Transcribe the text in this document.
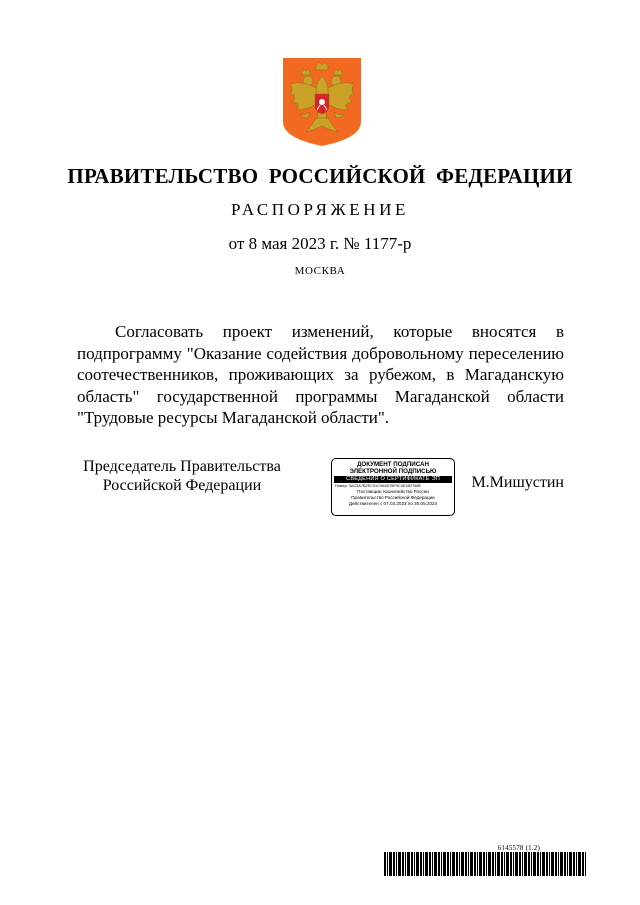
ПРАВИТЕЛЬСТВО РОССИЙСКОЙ ФЕДЕРАЦИИ
РАСПОРЯЖЕНИЕ
от 8 мая 2023 г. № 1177-р
МОСКВА
Согласовать проект изменений, которые вносятся в подпрограмму "Оказание содействия добровольному переселению соотечественников, проживающих за рубежом, в Магаданскую область" государственной программы Магаданской области "Трудовые ресурсы Магаданской области".
Председатель Правительства
Российской Федерации
ДОКУМЕНТ ПОДПИСАН
ЭЛЕКТРОННОЙ ПОДПИСЬЮ
СВЕДЕНИЯ О СЕРТИФИКАТЕ ЭП
Номер: 3AC3A7B2EC51C9A5D78F9C4E1B2768E
Поставщик: Казначейство России
Правительство Российской Федерации
Действителен с 07.03.2023 по 30.05.2024
М.Мишустин
6145578 (1.2)
